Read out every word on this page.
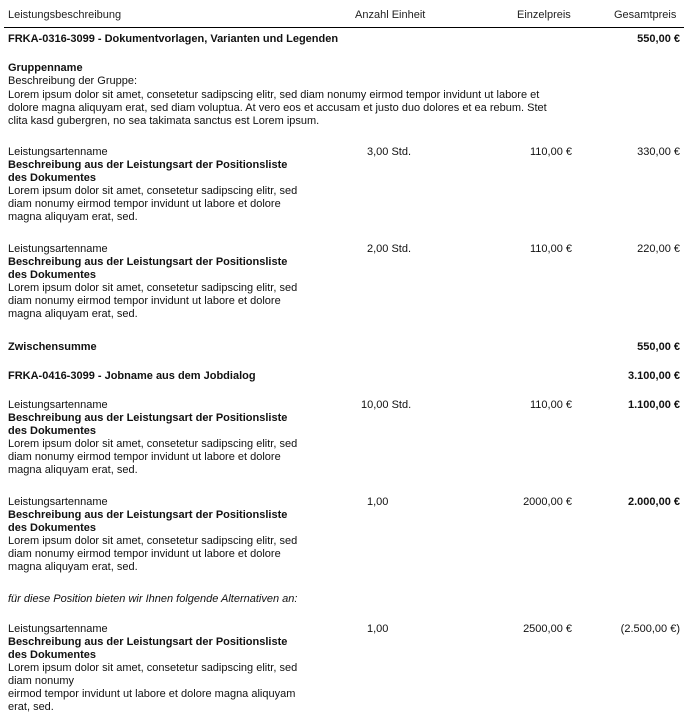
Leistungsbeschreibung	Anzahl Einheit	Einzelpreis	Gesamtpreis
FRKA-0316-3099 - Dokumentvorlagen, Varianten und Legenden	550,00 €
Gruppenname
Beschreibung der Gruppe:
Lorem ipsum dolor sit amet, consetetur sadipscing elitr, sed diam nonumy eirmod tempor invidunt ut labore et
dolore magna aliquyam erat, sed diam voluptua. At vero eos et accusam et justo duo dolores et ea rebum. Stet
clita kasd gubergren, no sea takimata sanctus est Lorem ipsum.
Leistungsartenname
Beschreibung aus der Leistungsart der Positionsliste
des Dokumentes
Lorem ipsum dolor sit amet, consetetur sadipscing elitr, sed
diam nonumy eirmod tempor invidunt ut labore et dolore
magna aliquyam erat, sed.
3,00 Std.	110,00 €	330,00 €
Leistungsartenname
Beschreibung aus der Leistungsart der Positionsliste
des Dokumentes
Lorem ipsum dolor sit amet, consetetur sadipscing elitr, sed
diam nonumy eirmod tempor invidunt ut labore et dolore
magna aliquyam erat, sed.
2,00 Std.	110,00 €	220,00 €
Zwischensumme	550,00 €
FRKA-0416-3099 - Jobname aus dem Jobdialog	3.100,00 €
Leistungsartenname
Beschreibung aus der Leistungsart der Positionsliste
des Dokumentes
Lorem ipsum dolor sit amet, consetetur sadipscing elitr, sed
diam nonumy eirmod tempor invidunt ut labore et dolore
magna aliquyam erat, sed.
10,00 Std.	110,00 €	1.100,00 €
Leistungsartenname
Beschreibung aus der Leistungsart der Positionsliste
des Dokumentes
Lorem ipsum dolor sit amet, consetetur sadipscing elitr, sed
diam nonumy eirmod tempor invidunt ut labore et dolore
magna aliquyam erat, sed.
1,00	2000,00 €	2.000,00 €
für diese Position bieten wir Ihnen folgende Alternativen an:
Leistungsartenname
Beschreibung aus der Leistungsart der Positionsliste
des Dokumentes
Lorem ipsum dolor sit amet, consetetur sadipscing elitr, sed
diam nonumy
eirmod tempor invidunt ut labore et dolore magna aliquyam
erat, sed.
1,00	2500,00 €	(2.500,00 €)
